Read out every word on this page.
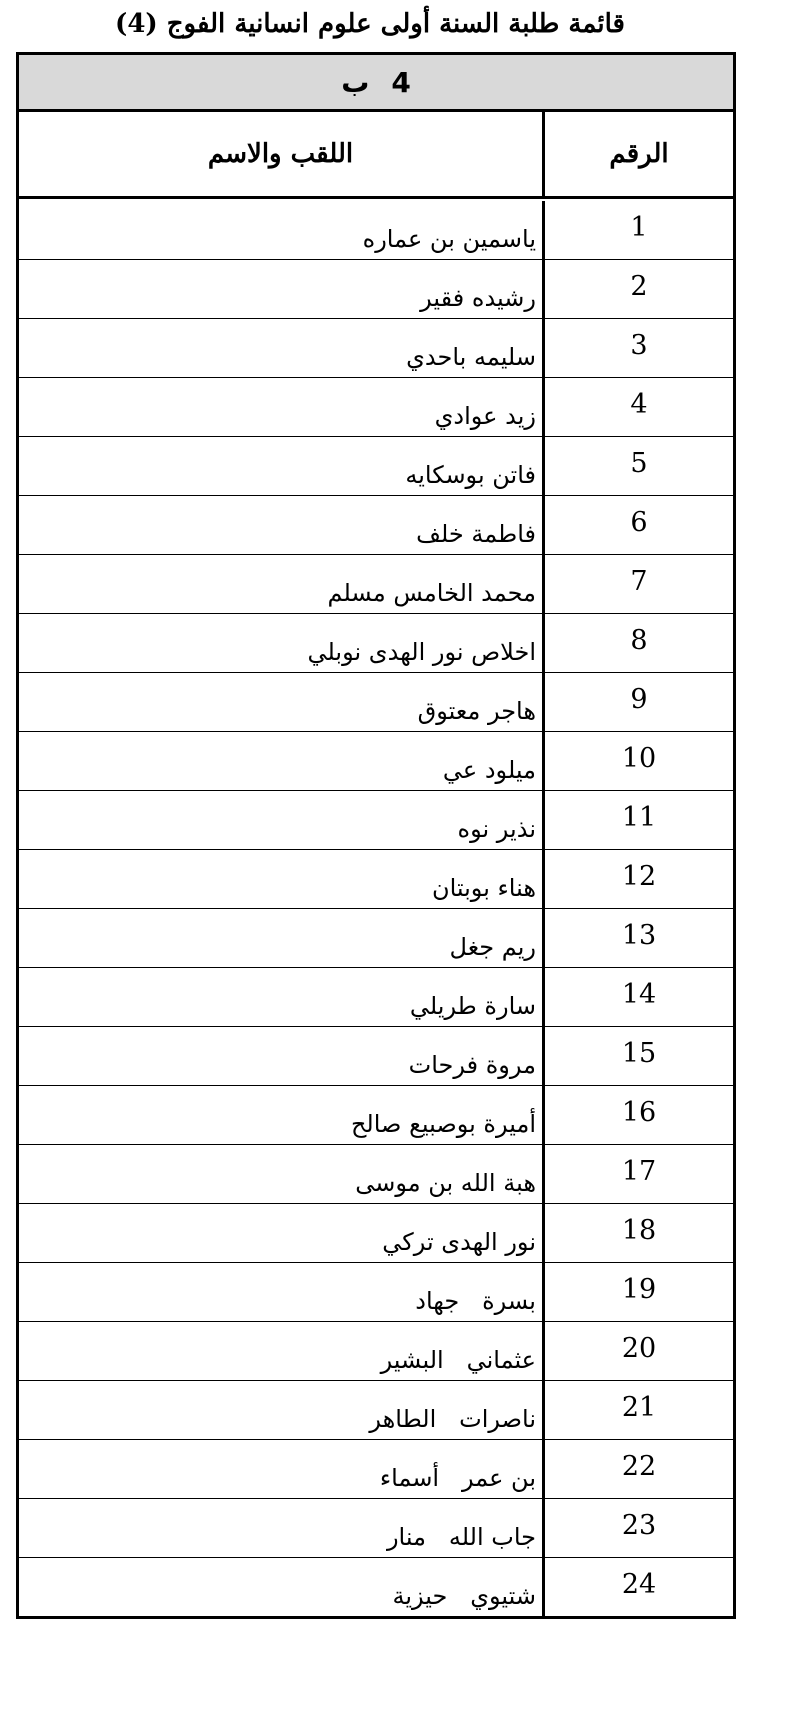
قائمة طلبة السنة أولى علوم انسانية الفوج (4)
4
ب
الرقم
اللقب والاسم
1
ياسمين بن عماره
2
رشيده فقير
3
سليمه باحدي
4
زيد عوادي
5
فاتن بوسكايه
6
فاطمة خلف
7
محمد الخامس مسلم
8
اخلاص نور الهدى نوبلي
9
هاجر معتوق
10
ميلود عي
11
نذير نوه
12
هناء بوبتان
13
ريم جغل
14
سارة طريلي
15
مروة فرحات
16
أميرة بوصبيع صالح
17
هبة الله بن موسى
18
نور الهدى تركي
19
بسرة   جهاد
20
عثماني   البشير
21
ناصرات   الطاهر
22
بن عمر   أسماء
23
جاب الله   منار
24
شتيوي   حيزية
